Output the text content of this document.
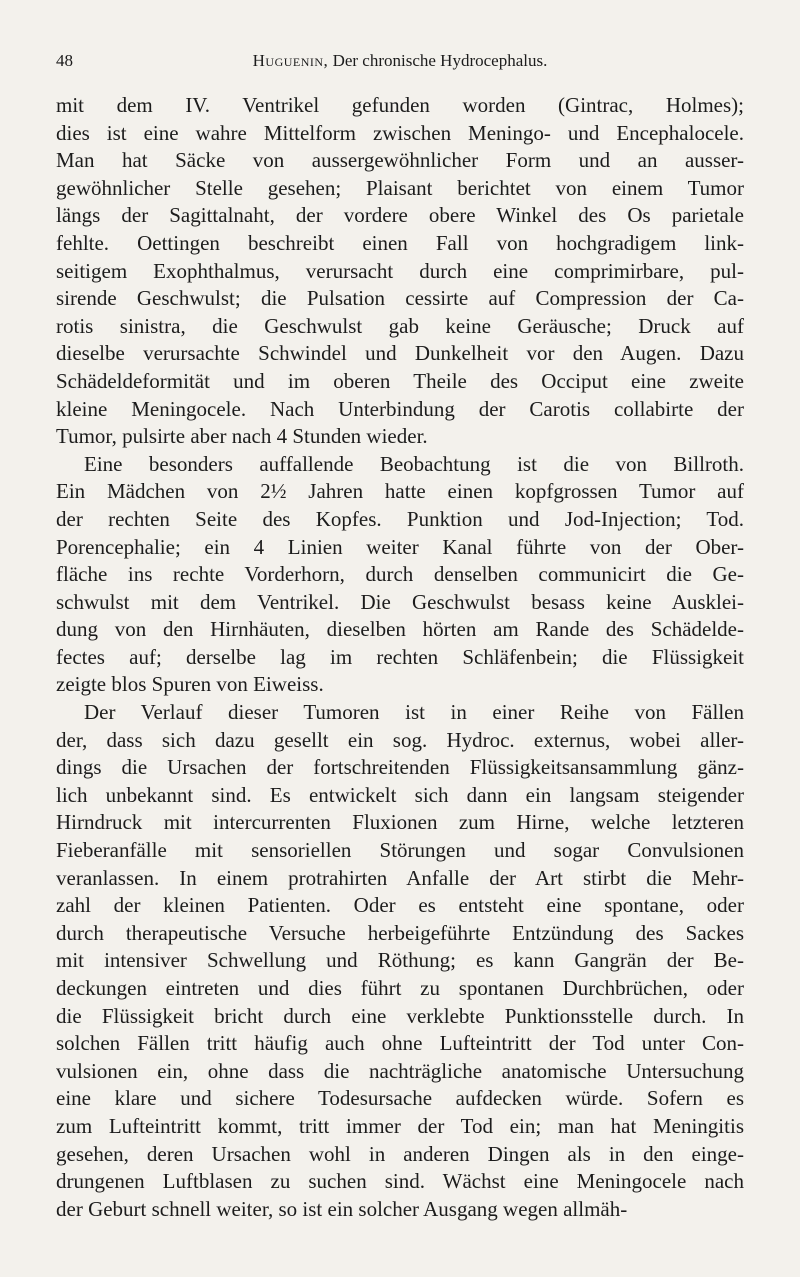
48	Huguenin, Der chronische Hydrocephalus.
mit dem IV. Ventrikel gefunden worden (Gintrac, Holmes);
dies ist eine wahre Mittelform zwischen Meningo- und Encephalocele.
Man hat Säcke von aussergewöhnlicher Form und an ausser-
gewöhnlicher Stelle gesehen; Plaisant berichtet von einem Tumor
längs der Sagittalnaht, der vordere obere Winkel des Os parietale
fehlte. Oettingen beschreibt einen Fall von hochgradigem link-
seitigem Exophthalmus, verursacht durch eine comprimirbare, pul-
sirende Geschwulst; die Pulsation cessirte auf Compression der Ca-
rotis sinistra, die Geschwulst gab keine Geräusche; Druck auf
dieselbe verursachte Schwindel und Dunkelheit vor den Augen. Dazu
Schädeldeformität und im oberen Theile des Occiput eine zweite
kleine Meningocele. Nach Unterbindung der Carotis collabirte der
Tumor, pulsirte aber nach 4 Stunden wieder.
Eine besonders auffallende Beobachtung ist die von Billroth.
Ein Mädchen von 2½ Jahren hatte einen kopfgrossen Tumor auf
der rechten Seite des Kopfes. Punktion und Jod-Injection; Tod.
Porencephalie; ein 4 Linien weiter Kanal führte von der Ober-
fläche ins rechte Vorderhorn, durch denselben communicirt die Ge-
schwulst mit dem Ventrikel. Die Geschwulst besass keine Ausklei-
dung von den Hirnhäuten, dieselben hörten am Rande des Schädelde-
fectes auf; derselbe lag im rechten Schläfenbein; die Flüssigkeit
zeigte blos Spuren von Eiweiss.
Der Verlauf dieser Tumoren ist in einer Reihe von Fällen
der, dass sich dazu gesellt ein sog. Hydroc. externus, wobei aller-
dings die Ursachen der fortschreitenden Flüssigkeitsansammlung gänz-
lich unbekannt sind. Es entwickelt sich dann ein langsam steigender
Hirndruck mit intercurrenten Fluxionen zum Hirne, welche letzteren
Fieberanfälle mit sensoriellen Störungen und sogar Convulsionen
veranlassen. In einem protrahirten Anfalle der Art stirbt die Mehr-
zahl der kleinen Patienten. Oder es entsteht eine spontane, oder
durch therapeutische Versuche herbeigeführte Entzündung des Sackes
mit intensiver Schwellung und Röthung; es kann Gangrän der Be-
deckungen eintreten und dies führt zu spontanen Durchbrüchen, oder
die Flüssigkeit bricht durch eine verklebte Punktionsstelle durch. In
solchen Fällen tritt häufig auch ohne Lufteintritt der Tod unter Con-
vulsionen ein, ohne dass die nachträgliche anatomische Untersuchung
eine klare und sichere Todesursache aufdecken würde. Sofern es
zum Lufteintritt kommt, tritt immer der Tod ein; man hat Meningitis
gesehen, deren Ursachen wohl in anderen Dingen als in den einge-
drungenen Luftblasen zu suchen sind. Wächst eine Meningocele nach
der Geburt schnell weiter, so ist ein solcher Ausgang wegen allmäh-
